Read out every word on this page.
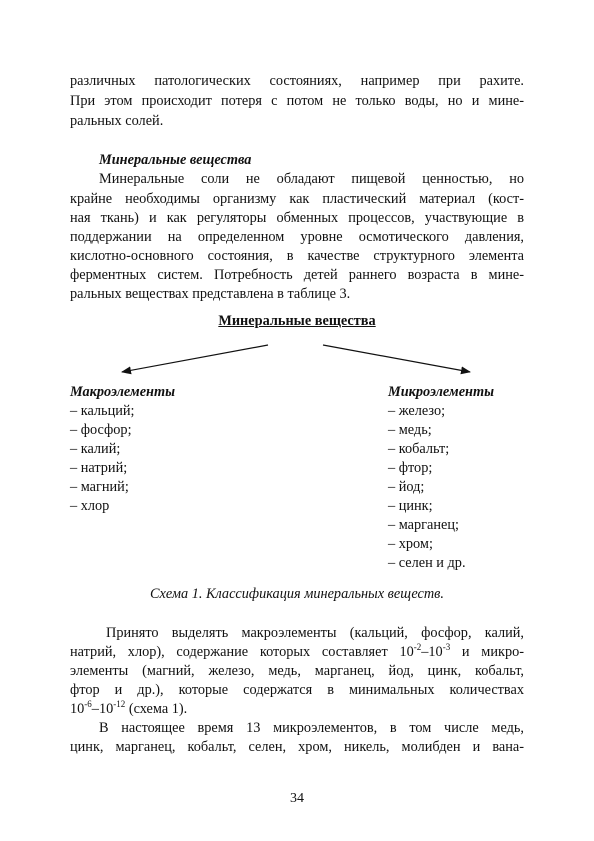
различных патологических состояниях, например при рахите.
При этом происходит потеря с потом не только воды, но и мине-
ральных солей.
Минеральные вещества
Минеральные соли не обладают пищевой ценностью, но
крайне необходимы организму как пластический материал (кост-
ная ткань) и как регуляторы обменных процессов, участвующие в
поддержании на определенном уровне осмотического давления,
кислотно-основного состояния, в качестве структурного элемента
ферментных систем. Потребность детей раннего возраста в мине-
ральных веществах представлена в таблице 3.
Минеральные вещества
Макроэлементы
– кальций;
– фосфор;
– калий;
– натрий;
– магний;
– хлор
Микроэлементы
– железо;
– медь;
– кобальт;
– фтор;
– йод;
– цинк;
– марганец;
– хром;
– селен и др.
Схема 1. Классификация минеральных веществ.
Принято выделять макроэлементы (кальций, фосфор, калий,
натрий, хлор), содержание которых составляет $10^{-2}-10^{-3}$ и микро-
элементы (магний, железо, медь, марганец, йод, цинк, кобальт,
фтор и др.), которые содержатся в минимальных количествах
$10^{-6}-10^{-12}$ (схема 1).
В настоящее время 13 микроэлементов, в том числе медь,
цинк, марганец, кобальт, селен, хром, никель, молибден и вана-
34
